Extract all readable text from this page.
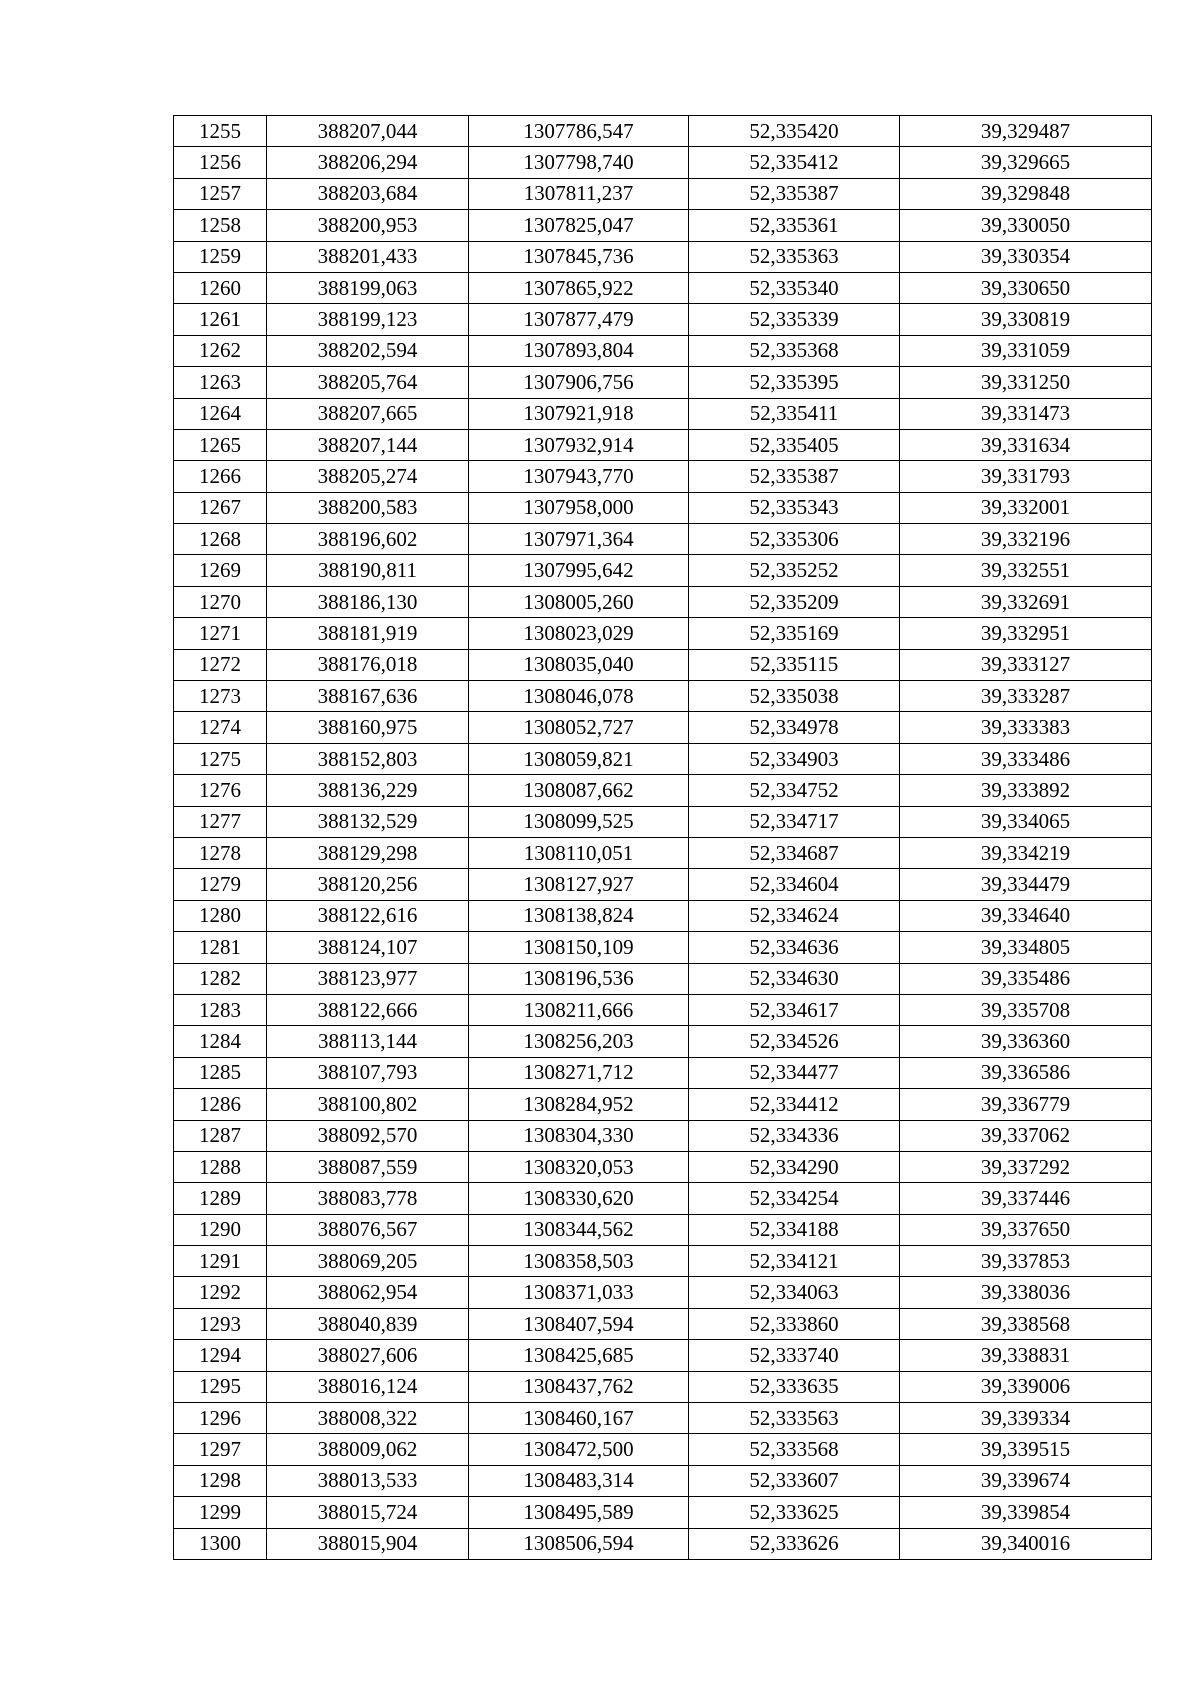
1255	388207,044	1307786,547	52,335420	39,329487
1256	388206,294	1307798,740	52,335412	39,329665
1257	388203,684	1307811,237	52,335387	39,329848
1258	388200,953	1307825,047	52,335361	39,330050
1259	388201,433	1307845,736	52,335363	39,330354
1260	388199,063	1307865,922	52,335340	39,330650
1261	388199,123	1307877,479	52,335339	39,330819
1262	388202,594	1307893,804	52,335368	39,331059
1263	388205,764	1307906,756	52,335395	39,331250
1264	388207,665	1307921,918	52,335411	39,331473
1265	388207,144	1307932,914	52,335405	39,331634
1266	388205,274	1307943,770	52,335387	39,331793
1267	388200,583	1307958,000	52,335343	39,332001
1268	388196,602	1307971,364	52,335306	39,332196
1269	388190,811	1307995,642	52,335252	39,332551
1270	388186,130	1308005,260	52,335209	39,332691
1271	388181,919	1308023,029	52,335169	39,332951
1272	388176,018	1308035,040	52,335115	39,333127
1273	388167,636	1308046,078	52,335038	39,333287
1274	388160,975	1308052,727	52,334978	39,333383
1275	388152,803	1308059,821	52,334903	39,333486
1276	388136,229	1308087,662	52,334752	39,333892
1277	388132,529	1308099,525	52,334717	39,334065
1278	388129,298	1308110,051	52,334687	39,334219
1279	388120,256	1308127,927	52,334604	39,334479
1280	388122,616	1308138,824	52,334624	39,334640
1281	388124,107	1308150,109	52,334636	39,334805
1282	388123,977	1308196,536	52,334630	39,335486
1283	388122,666	1308211,666	52,334617	39,335708
1284	388113,144	1308256,203	52,334526	39,336360
1285	388107,793	1308271,712	52,334477	39,336586
1286	388100,802	1308284,952	52,334412	39,336779
1287	388092,570	1308304,330	52,334336	39,337062
1288	388087,559	1308320,053	52,334290	39,337292
1289	388083,778	1308330,620	52,334254	39,337446
1290	388076,567	1308344,562	52,334188	39,337650
1291	388069,205	1308358,503	52,334121	39,337853
1292	388062,954	1308371,033	52,334063	39,338036
1293	388040,839	1308407,594	52,333860	39,338568
1294	388027,606	1308425,685	52,333740	39,338831
1295	388016,124	1308437,762	52,333635	39,339006
1296	388008,322	1308460,167	52,333563	39,339334
1297	388009,062	1308472,500	52,333568	39,339515
1298	388013,533	1308483,314	52,333607	39,339674
1299	388015,724	1308495,589	52,333625	39,339854
1300	388015,904	1308506,594	52,333626	39,340016
